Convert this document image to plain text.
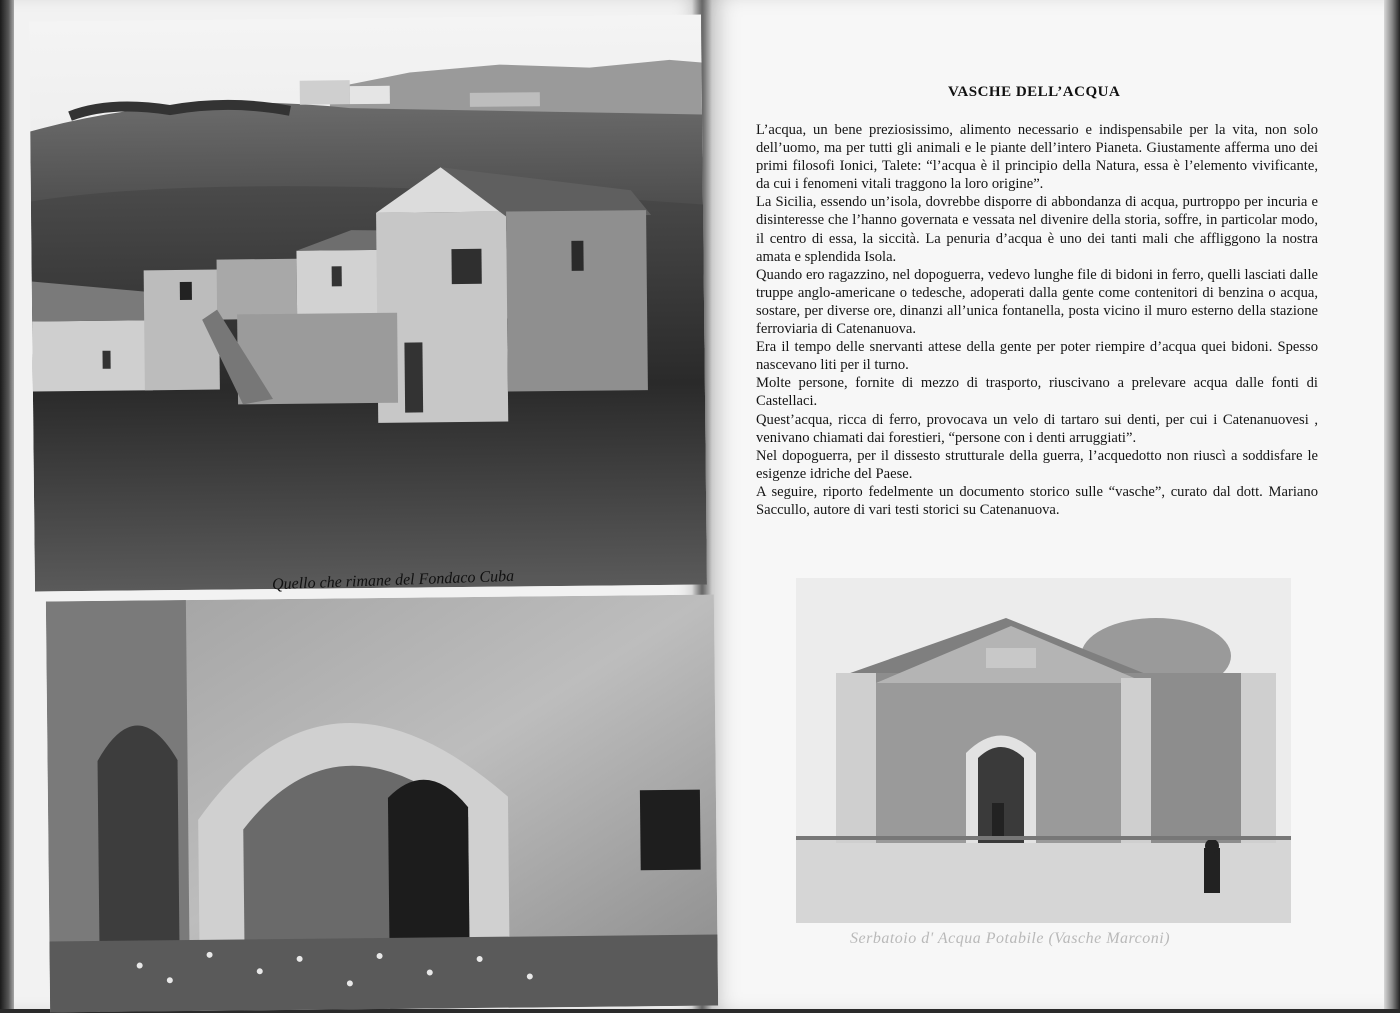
Quello che rimane del Fondaco Cuba
VASCHE DELL’ACQUA

L’acqua, un bene preziosissimo, alimento necessario e indispensabile per la vita, non solo dell’uomo, ma per tutti gli animali e le piante dell’intero Pianeta. Giustamente afferma uno dei primi filosofi Ionici, Talete: “l’acqua è il principio della Natura, essa è l’elemento vivificante, da cui i fenomeni vitali traggono la loro origine”.

La Sicilia, essendo un’isola, dovrebbe disporre di abbondanza di acqua, purtroppo per incuria e disinteresse che l’hanno governata e vessata nel divenire della storia, soffre, in particolar modo, il centro di essa, la siccità. La penuria d’acqua è uno dei tanti mali che affliggono la nostra amata e splendida Isola.

Quando ero ragazzino, nel dopoguerra, vedevo lunghe file di bidoni in ferro, quelli lasciati dalle truppe anglo-americane o tedesche, adoperati dalla gente come contenitori di benzina o acqua, sostare, per diverse ore, dinanzi all’unica fontanella, posta vicino il muro esterno della stazione ferroviaria di Catenanuova.

Era il tempo delle snervanti attese della gente per poter riempire d’acqua quei bidoni. Spesso nascevano liti per il turno.

Molte persone, fornite di mezzo di trasporto, riuscivano a prelevare acqua dalle fonti di Castellaci.

Quest’acqua, ricca di ferro, provocava un velo di tartaro sui denti, per cui i Catenanuovesi , venivano chiamati dai forestieri, “persone con i denti arruggiati”.

Nel dopoguerra, per il dissesto strutturale della guerra, l’acquedotto non riuscì a soddisfare le esigenze idriche del Paese.

A seguire, riporto fedelmente un documento storico sulle “vasche”, curato dal dott. Mariano Saccullo, autore di vari testi storici su Catenanuova.

Serbatoio d' Acqua Potabile (Vasche Marconi)
